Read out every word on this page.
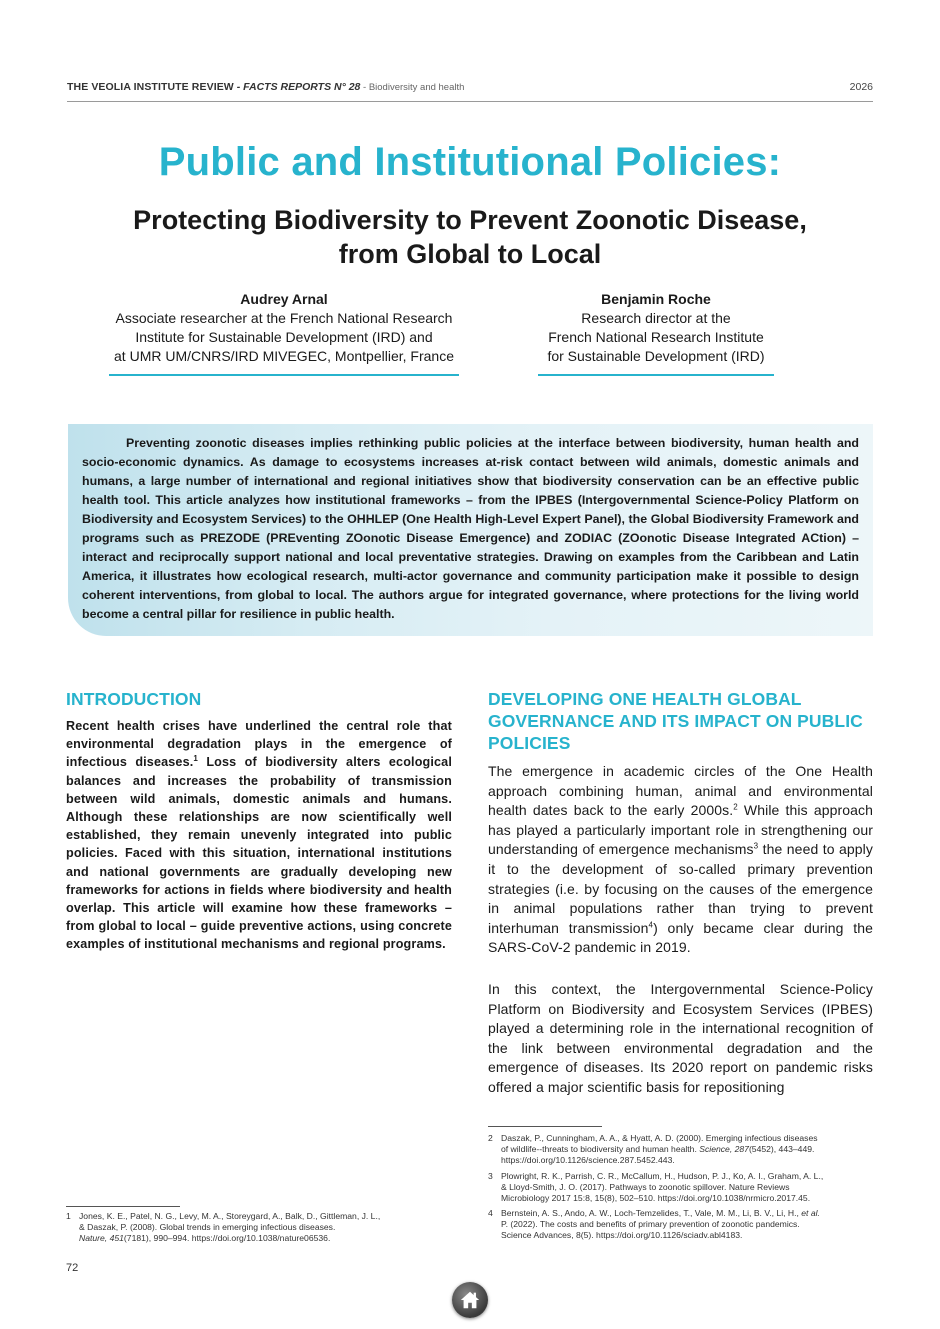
THE VEOLIA INSTITUTE REVIEW - FACTS REPORTS N° 28 - Biodiversity and health	2026
Public and Institutional Policies:
Protecting Biodiversity to Prevent Zoonotic Disease,
from Global to Local
Audrey Arnal
Associate researcher at the French National Research
Institute for Sustainable Development (IRD) and
at UMR UM/CNRS/IRD MIVEGEC, Montpellier, France
Benjamin Roche
Research director at the
French National Research Institute
for Sustainable Development (IRD)
Preventing zoonotic diseases implies rethinking public policies at the interface between biodiversity, human health and socio-economic dynamics. As damage to ecosystems increases at-risk contact between wild animals, domestic animals and humans, a large number of international and regional initiatives show that biodiversity conservation can be an effective public health tool. This article analyzes how institutional frameworks – from the IPBES (Intergovernmental Science-Policy Platform on Biodiversity and Ecosystem Services) to the OHHLEP (One Health High-Level Expert Panel), the Global Biodiversity Framework and programs such as PREZODE (PREventing ZOonotic Disease Emergence) and ZODIAC (ZOonotic Disease Integrated ACtion) – interact and reciprocally support national and local preventative strategies. Drawing on examples from the Caribbean and Latin America, it illustrates how ecological research, multi-actor governance and community participation make it possible to design coherent interventions, from global to local. The authors argue for integrated governance, where protections for the living world become a central pillar for resilience in public health.
INTRODUCTION
Recent health crises have underlined the central role that environmental degradation plays in the emergence of infectious diseases.$^1$ Loss of biodiversity alters ecological balances and increases the probability of transmission between wild animals, domestic animals and humans. Although these relationships are now scientifically well established, they remain unevenly integrated into public policies. Faced with this situation, international institutions and national governments are gradually developing new frameworks for actions in fields where biodiversity and health overlap. This article will examine how these frameworks – from global to local – guide preventive actions, using concrete examples of institutional mechanisms and regional programs.
DEVELOPING ONE HEALTH GLOBAL GOVERNANCE AND ITS IMPACT ON PUBLIC POLICIES
The emergence in academic circles of the One Health approach combining human, animal and environmental health dates back to the early 2000s.$^2$ While this approach has played a particularly important role in strengthening our understanding of emergence mechanisms$^3$ the need to apply it to the development of so-called primary prevention strategies (i.e. by focusing on the causes of the emergence in animal populations rather than trying to prevent interhuman transmission$^4$) only became clear during the SARS-CoV-2 pandemic in 2019.
In this context, the Intergovernmental Science-Policy Platform on Biodiversity and Ecosystem Services (IPBES) played a determining role in the international recognition of the link between environmental degradation and the emergence of diseases. Its 2020 report on pandemic risks offered a major scientific basis for repositioning
1 Jones, K. E., Patel, N. G., Levy, M. A., Storeygard, A., Balk, D., Gittleman, J. L.,
& Daszak, P. (2008). Global trends in emerging infectious diseases.
Nature, 451(7181), 990–994. https://doi.org/10.1038/nature06536.
2 Daszak, P., Cunningham, A. A., & Hyatt, A. D. (2000). Emerging infectious diseases
of wildlife--threats to biodiversity and human health. Science, 287(5452), 443–449.
https://doi.org/10.1126/science.287.5452.443.
3 Plowright, R. K., Parrish, C. R., McCallum, H., Hudson, P. J., Ko, A. I., Graham, A. L.,
& Lloyd-Smith, J. O. (2017). Pathways to zoonotic spillover. Nature Reviews
Microbiology 2017 15:8, 15(8), 502–510. https://doi.org/10.1038/nrmicro.2017.45.
4 Bernstein, A. S., Ando, A. W., Loch-Temzelides, T., Vale, M. M., Li, B. V., Li, H., et al.
P. (2022). The costs and benefits of primary prevention of zoonotic pandemics.
Science Advances, 8(5). https://doi.org/10.1126/sciadv.abl4183.
72
